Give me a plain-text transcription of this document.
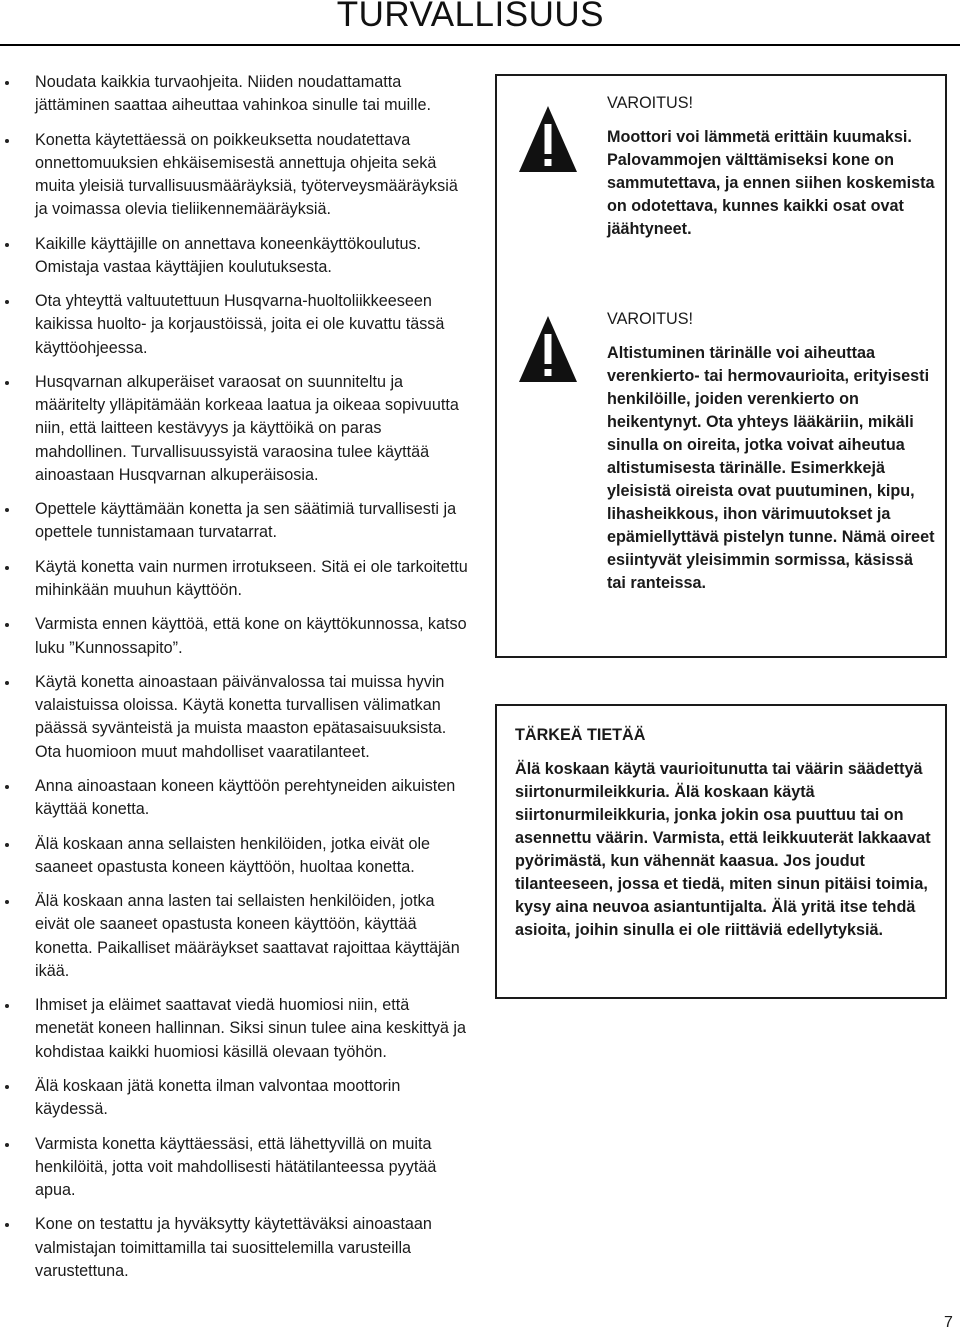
TURVALLISUUS
Noudata kaikkia turvaohjeita. Niiden noudattamatta jättäminen saattaa aiheuttaa vahinkoa sinulle tai muille.
Konetta käytettäessä on poikkeuksetta noudatettava onnettomuuksien ehkäisemisestä annettuja ohjeita sekä muita yleisiä turvallisuusmääräyksiä, työterveysmääräyksiä ja voimassa olevia tieliikennemääräyksiä.
Kaikille käyttäjille on annettava koneenkäyttökoulutus. Omistaja vastaa käyttäjien koulutuksesta.
Ota yhteyttä valtuutettuun Husqvarna-huoltoliikkeeseen kaikissa huolto- ja korjaustöissä, joita ei ole kuvattu tässä käyttöohjeessa.
Husqvarnan alkuperäiset varaosat on suunniteltu ja määritelty ylläpitämään korkeaa laatua ja oikeaa sopivuutta niin, että laitteen kestävyys ja käyttöikä on paras mahdollinen. Turvallisuussyistä varaosina tulee käyttää ainoastaan Husqvarnan alkuperäisosia.
Opettele käyttämään konetta ja sen säätimiä turvallisesti ja opettele tunnistamaan turvatarrat.
Käytä konetta vain nurmen irrotukseen. Sitä ei ole tarkoitettu mihinkään muuhun käyttöön.
Varmista ennen käyttöä, että kone on käyttökunnossa, katso luku ”Kunnossapito”.
Käytä konetta ainoastaan päivänvalossa tai muissa hyvin valaistuissa oloissa. Käytä konetta turvallisen välimatkan päässä syvänteistä ja muista maaston epätasaisuuksista. Ota huomioon muut mahdolliset vaaratilanteet.
Anna ainoastaan koneen käyttöön perehtyneiden aikuisten käyttää konetta.
Älä koskaan anna sellaisten henkilöiden, jotka eivät ole saaneet opastusta koneen käyttöön, huoltaa konetta.
Älä koskaan anna lasten tai sellaisten henkilöiden, jotka eivät ole saaneet opastusta koneen käyttöön, käyttää konetta. Paikalliset määräykset saattavat rajoittaa käyttäjän ikää.
Ihmiset ja eläimet saattavat viedä huomiosi niin, että menetät koneen hallinnan. Siksi sinun tulee aina keskittyä ja kohdistaa kaikki huomiosi käsillä olevaan työhön.
Älä koskaan jätä konetta ilman valvontaa moottorin käydessä.
Varmista konetta käyttäessäsi, että lähettyvillä on muita henkilöitä, jotta voit mahdollisesti hätätilanteessa pyytää apua.
Kone on testattu ja hyväksytty käytettäväksi ainoastaan valmistajan toimittamilla tai suosittelemilla varusteilla varustettuna.
VAROITUS!

Moottori voi lämmetä erittäin kuumaksi. Palovammojen välttämiseksi kone on sammutettava, ja ennen siihen koskemista on odotettava, kunnes kaikki osat ovat jäähtyneet.

VAROITUS!

Altistuminen tärinälle voi aiheuttaa verenkierto- tai hermovaurioita, erityisesti henkilöille, joiden verenkierto on heikentynyt. Ota yhteys lääkäriin, mikäli sinulla on oireita, jotka voivat aiheutua altistumisesta tärinälle. Esimerkkejä yleisistä oireista ovat puutuminen, kipu, lihasheikkous, ihon värimuutokset ja epämiellyttävä pistelyn tunne. Nämä oireet esiintyvät yleisimmin sormissa, käsissä tai ranteissa.

TÄRKEÄ TIETÄÄ

Älä koskaan käytä vaurioitunutta tai väärin säädettyä siirtonurmileikkuria. Älä koskaan käytä siirtonurmileikkuria, jonka jokin osa puuttuu tai on asennettu väärin. Varmista, että leikkuuterät lakkaavat pyörimästä, kun vähennät kaasua. Jos joudut tilanteeseen, jossa et tiedä, miten sinun pitäisi toimia, kysy aina neuvoa asiantuntijalta. Älä yritä itse tehdä asioita, joihin sinulla ei ole riittäviä edellytyksiä.

7
